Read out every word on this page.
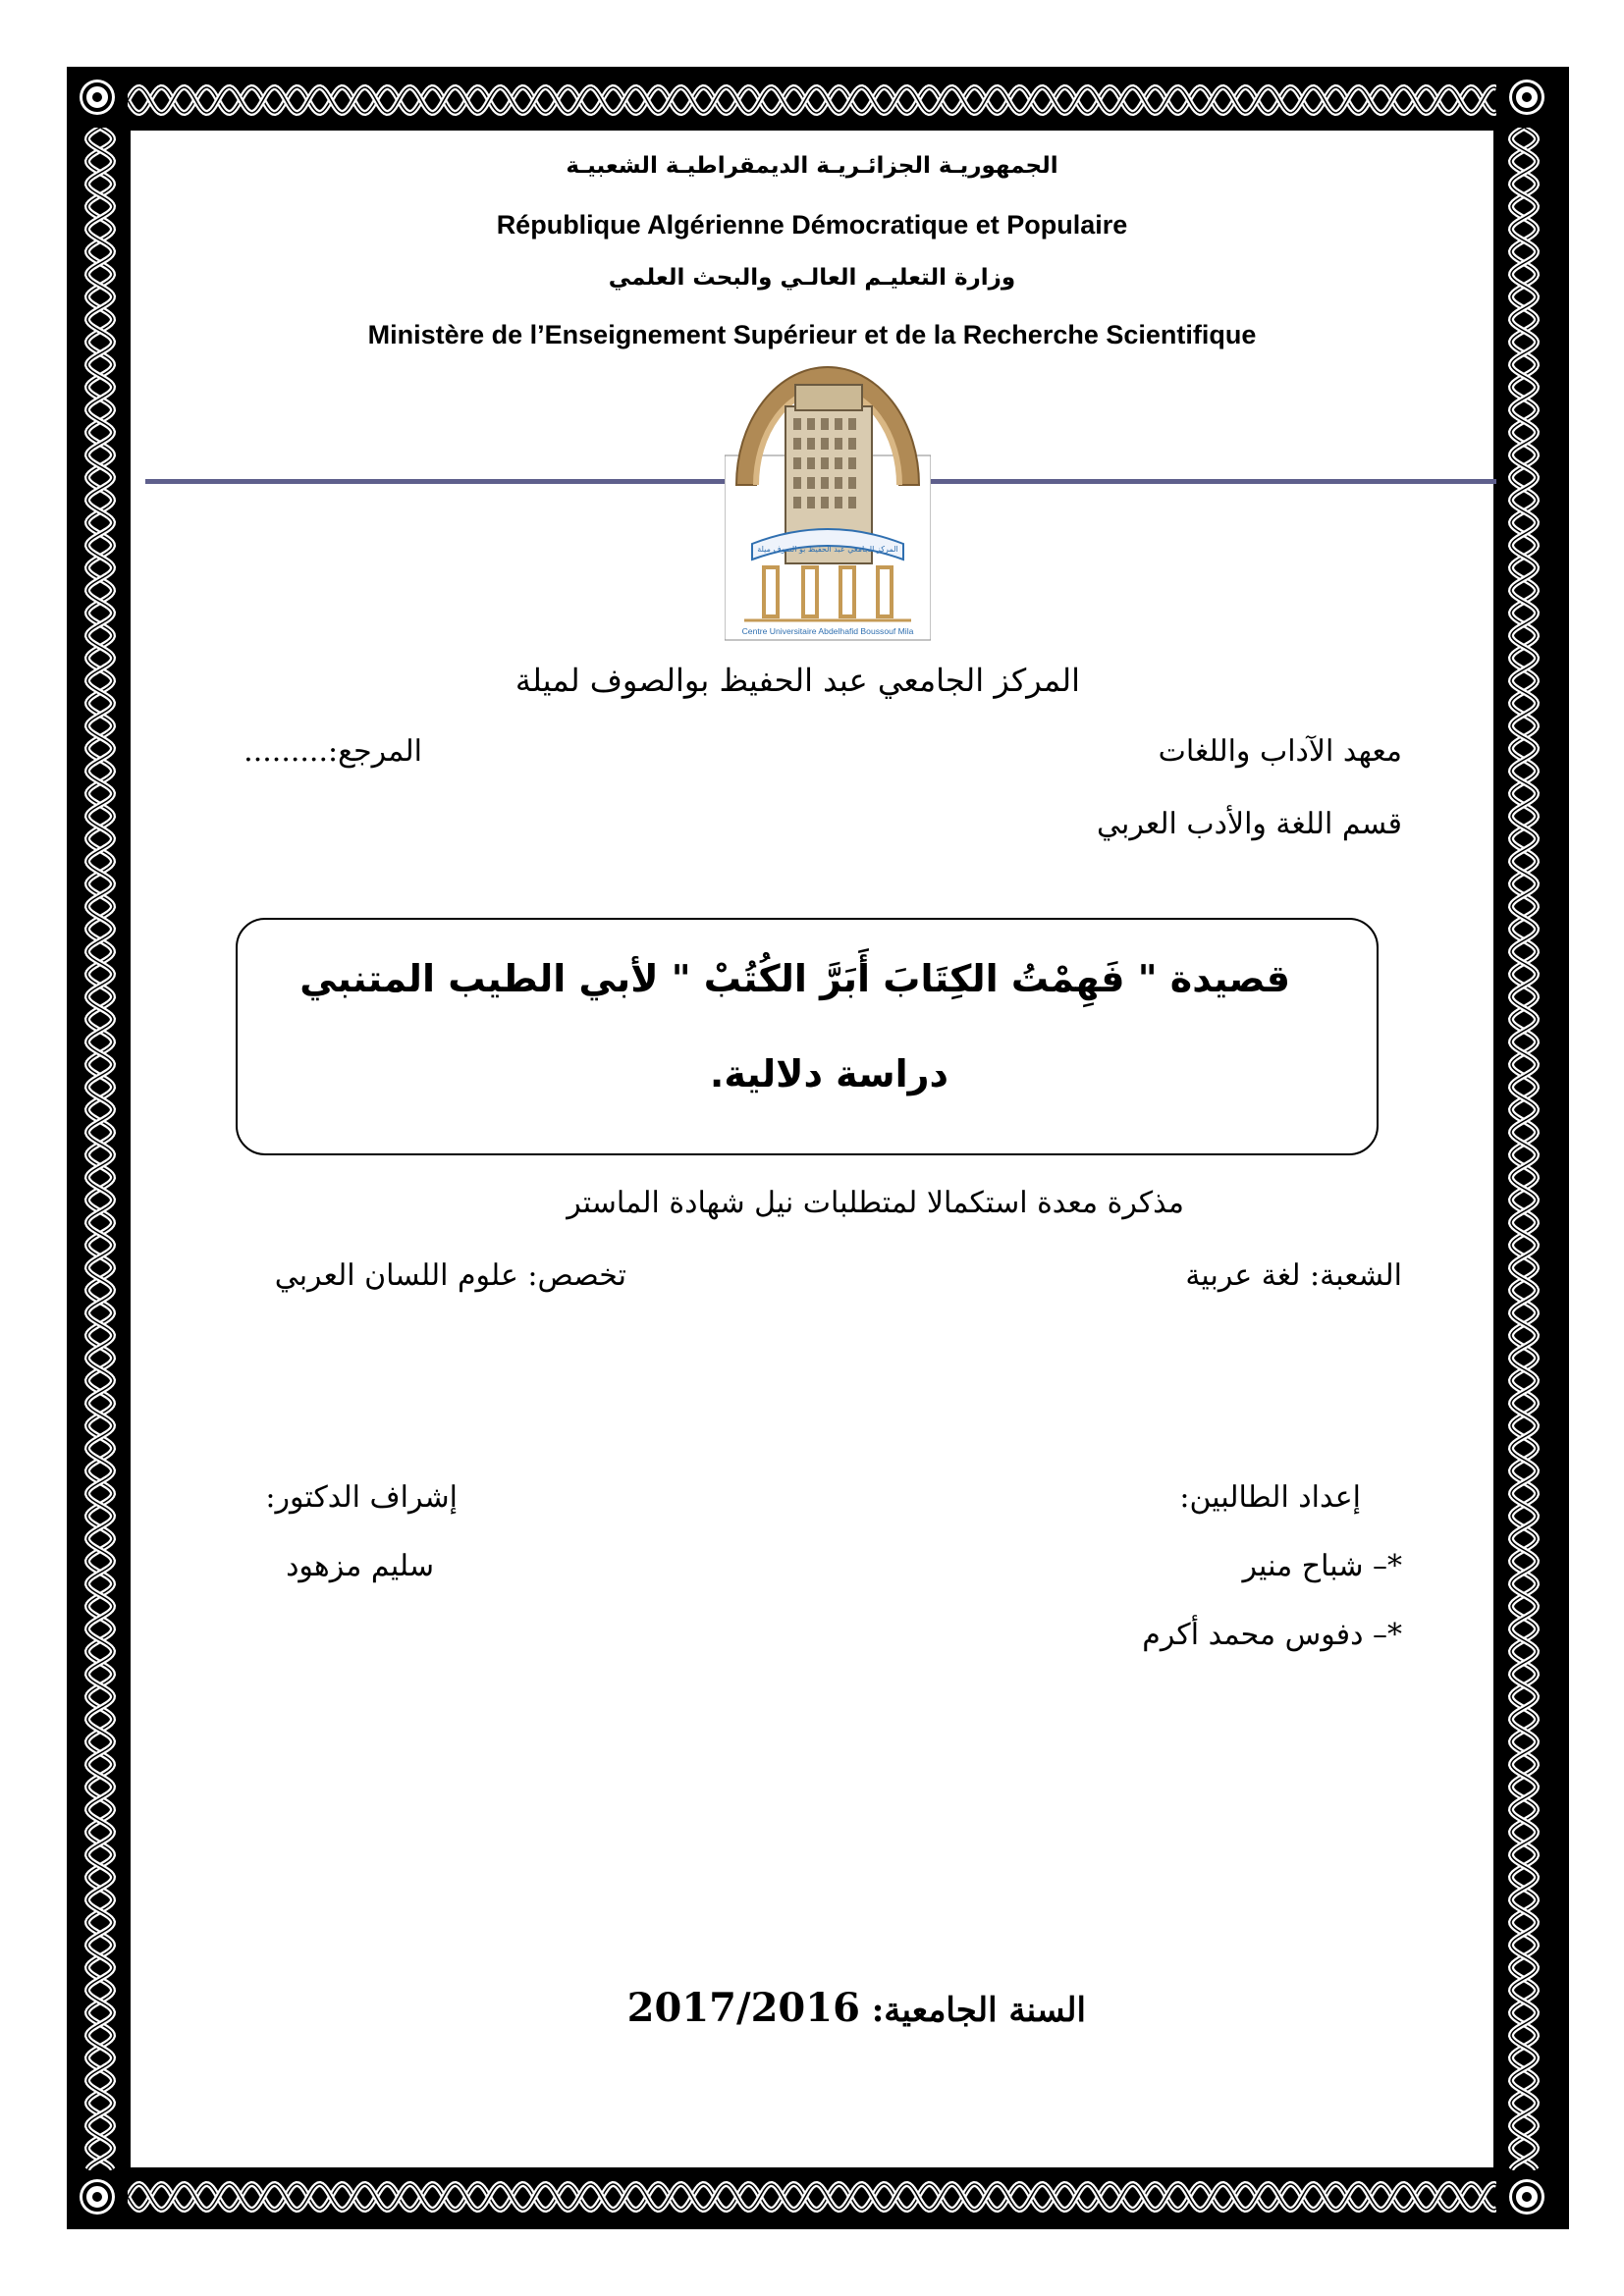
الجمهوريـة الجزائـريـة الديمقراطيـة الشعبيـة
République Algérienne Démocratique et Populaire
وزارة التعليـم العالـي والبحث العلمي
Ministère de l’Enseignement Supérieur et de la Recherche Scientifique
المركز الجامعي عبد الحفيظ بو الصوف ميلة
Centre Universitaire Abdelhafid Boussouf Mila
المركز الجامعي عبد الحفيظ بوالصوف لميلة
معهد الآداب واللغات
المرجع:.........
قسم اللغة والأدب العربي
قصيدة " فَهِمْتُ الكِتَابَ أَبَرَّ الكُتُبْ " لأبي الطيب المتنبي
دراسة دلالية.
مذكرة معدة استكمالا لمتطلبات نيل شهادة الماستر
الشعبة: لغة عربية
تخصص: علوم اللسان العربي
إعداد الطالبين:
إشراف الدكتور:
*– شباح منير
سليم مزهود
*– دفوس محمد أكرم
السنة الجامعية: 2017/2016
